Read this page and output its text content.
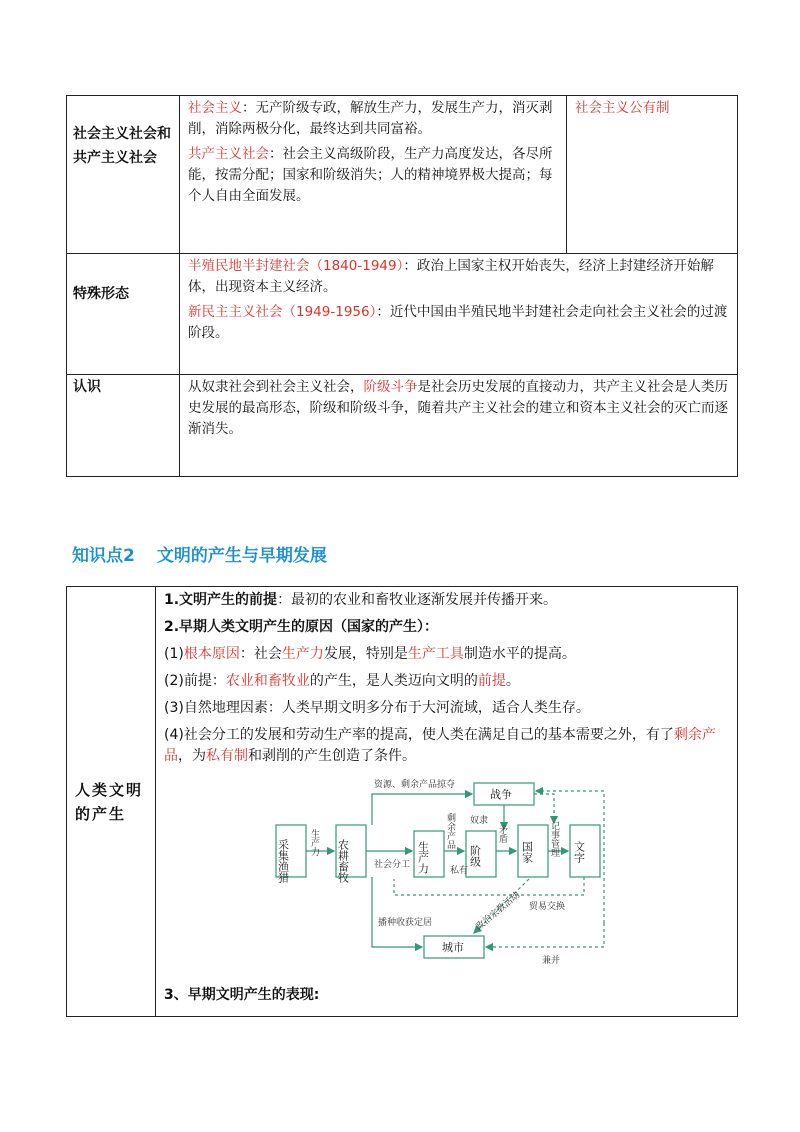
社会主义社会和共产主义社会	社会主义：无产阶级专政，解放生产力，发展生产力，消灭剥削，消除两极分化，最终达到共同富裕。

共产主义社会：社会主义高级阶段，生产力高度发达，各尽所能，按需分配；国家和阶级消失；人的精神境界极大提高；每个人自由全面发展。	社会主义公有制

特殊形态	半殖民地半封建社会（1840-1949）：政治上国家主权开始丧失，经济上封建经济开始解体，出现资本主义经济。

新民主主义社会（1949-1956）：近代中国由半殖民地半封建社会走向社会主义社会的过渡阶段。	

认识	从奴隶社会到社会主义社会，阶级斗争是社会历史发展的直接动力，共产主义社会是人类历史发展的最高形态，阶级和阶级斗争，随着共产主义社会的建立和资本主义社会的灭亡而逐渐消失。	

知识点2 文明的产生与早期发展
人类文明的产生

1.文明产生的前提：最初的农业和畜牧业逐渐发展并传播开来。

2.早期人类文明产生的原因（国家的产生）：

(1)根本原因：社会生产力发展，特别是生产工具制造水平的提高。

(2)前提：农业和畜牧业的产生，是人类迈向文明的前提。

(3)自然地理因素：人类早期文明多分布于大河流域，适合人类生存。

(4)社会分工的发展和劳动生产率的提高，使人类在满足自己的基本需要之外，有了剩余产品，为私有制和剥削的产生创造了条件。

采集渔猎	农耕畜牧	生产力	阶级	国家	文字
战争
城市
生产力
社会分工
资源、剩余产品掠夺
剩余产品
私有
奴隶
矛盾	记事管理
贸易交换
政治宗教活动
播种收获定居
兼并

3、早期文明产生的表现:
